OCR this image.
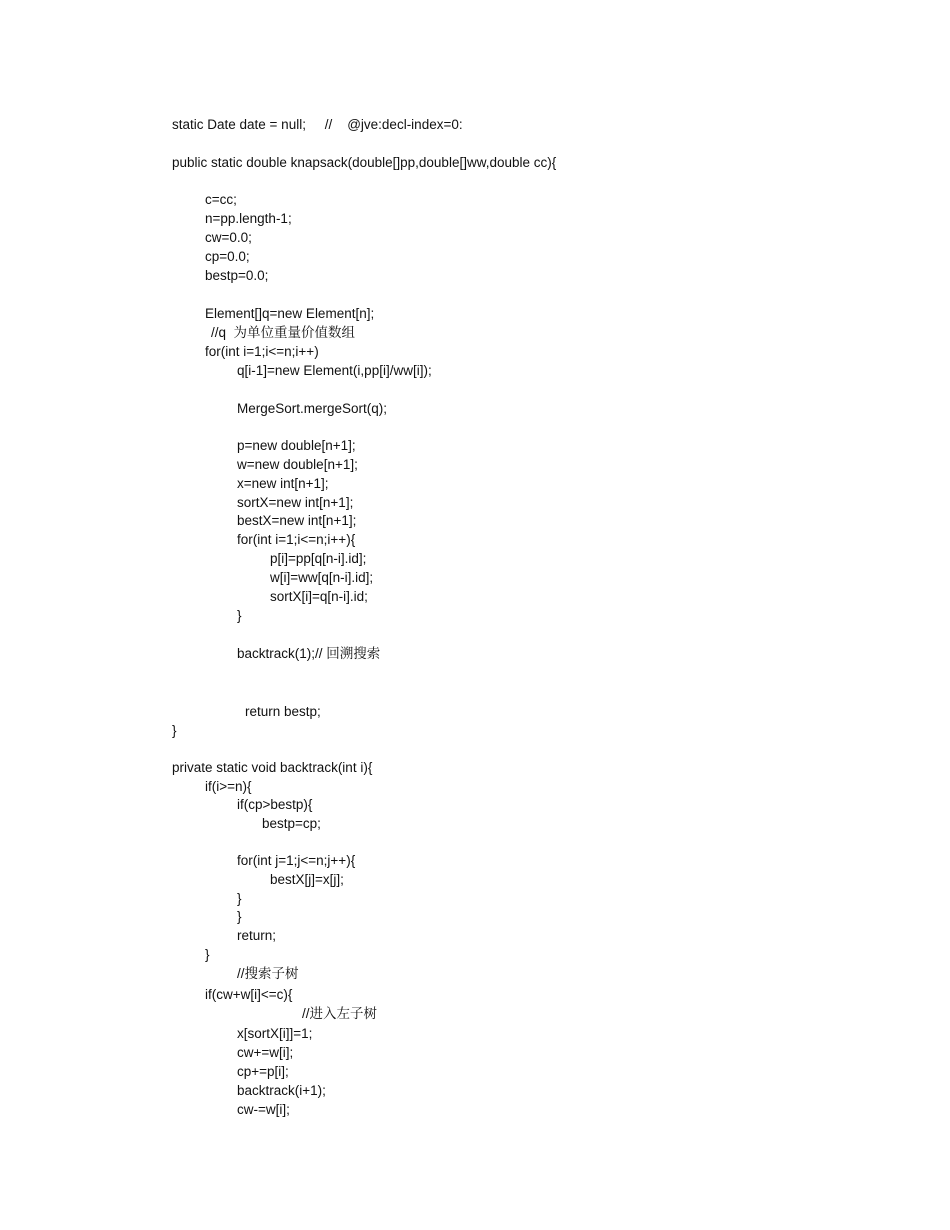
static Date date = null;     //    @jve:decl-index=0:
public static double knapsack(double[]pp,double[]ww,double cc){
c=cc;
n=pp.length-1;
cw=0.0;
cp=0.0;
bestp=0.0;
Element[]q=new Element[n];
//q  为单位重量价值数组
for(int i=1;i<=n;i++)
q[i-1]=new Element(i,pp[i]/ww[i]);
MergeSort.mergeSort(q);
p=new double[n+1];
w=new double[n+1];
x=new int[n+1];
sortX=new int[n+1];
bestX=new int[n+1];
for(int i=1;i<=n;i++){
p[i]=pp[q[n-i].id];
w[i]=ww[q[n-i].id];
sortX[i]=q[n-i].id;
}
backtrack(1);// 回溯搜索
return bestp;
}
private static void backtrack(int i){
if(i>=n){
if(cp>bestp){
bestp=cp;
for(int j=1;j<=n;j++){
bestX[j]=x[j];
}
}
return;
}
//搜索子树
if(cw+w[i]<=c){
//进入左子树
x[sortX[i]]=1;
cw+=w[i];
cp+=p[i];
backtrack(i+1);
cw-=w[i];
